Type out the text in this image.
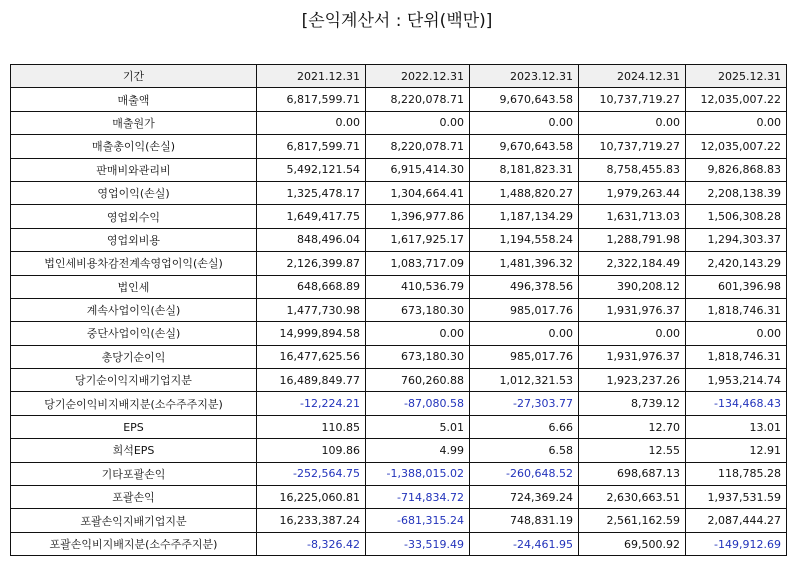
[손익계산서 : 단위(백만)]
기간	2021.12.31	2022.12.31	2023.12.31	2024.12.31	2025.12.31
매출액	6,817,599.71	8,220,078.71	9,670,643.58	10,737,719.27	12,035,007.22
매출원가	0.00	0.00	0.00	0.00	0.00
매출총이익(손실)	6,817,599.71	8,220,078.71	9,670,643.58	10,737,719.27	12,035,007.22
판매비와관리비	5,492,121.54	6,915,414.30	8,181,823.31	8,758,455.83	9,826,868.83
영업이익(손실)	1,325,478.17	1,304,664.41	1,488,820.27	1,979,263.44	2,208,138.39
영업외수익	1,649,417.75	1,396,977.86	1,187,134.29	1,631,713.03	1,506,308.28
영업외비용	848,496.04	1,617,925.17	1,194,558.24	1,288,791.98	1,294,303.37
법인세비용차감전계속영업이익(손실)	2,126,399.87	1,083,717.09	1,481,396.32	2,322,184.49	2,420,143.29
법인세	648,668.89	410,536.79	496,378.56	390,208.12	601,396.98
계속사업이익(손실)	1,477,730.98	673,180.30	985,017.76	1,931,976.37	1,818,746.31
중단사업이익(손실)	14,999,894.58	0.00	0.00	0.00	0.00
총당기순이익	16,477,625.56	673,180.30	985,017.76	1,931,976.37	1,818,746.31
당기순이익지배기업지분	16,489,849.77	760,260.88	1,012,321.53	1,923,237.26	1,953,214.74
당기순이익비지배지분(소수주주지분)	-12,224.21	-87,080.58	-27,303.77	8,739.12	-134,468.43
EPS	110.85	5.01	6.66	12.70	13.01
희석EPS	109.86	4.99	6.58	12.55	12.91
기타포괄손익	-252,564.75	-1,388,015.02	-260,648.52	698,687.13	118,785.28
포괄손익	16,225,060.81	-714,834.72	724,369.24	2,630,663.51	1,937,531.59
포괄손익지배기업지분	16,233,387.24	-681,315.24	748,831.19	2,561,162.59	2,087,444.27
포괄손익비지배지분(소수주주지분)	-8,326.42	-33,519.49	-24,461.95	69,500.92	-149,912.69
